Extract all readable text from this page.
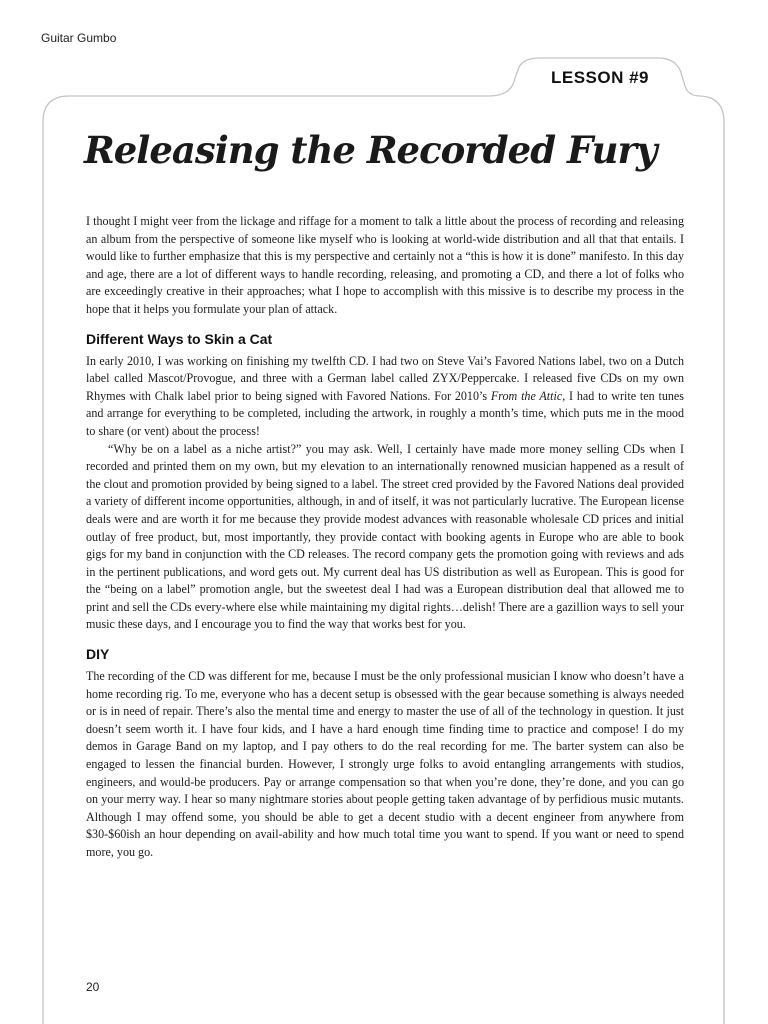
Guitar Gumbo
LESSON #9
Releasing the Recorded Fury

I thought I might veer from the lickage and riffage for a moment to talk a little about the process of recording and releasing an album from the perspective of someone like myself who is looking at world-wide distribution and all that that entails. I would like to further emphasize that this is my perspective and certainly not a “this is how it is done” manifesto. In this day and age, there are a lot of different ways to handle recording, releasing, and promoting a CD, and there a lot of folks who are exceedingly creative in their approaches; what I hope to accomplish with this missive is to describe my process in the hope that it helps you formulate your plan of attack.

Different Ways to Skin a Cat

In early 2010, I was working on finishing my twelfth CD. I had two on Steve Vai’s Favored Nations label, two on a Dutch label called Mascot/Provogue, and three with a German label called ZYX/Peppercake. I released five CDs on my own Rhymes with Chalk label prior to being signed with Favored Nations. For 2010’s From the Attic, I had to write ten tunes and arrange for everything to be completed, including the artwork, in roughly a month’s time, which puts me in the mood to share (or vent) about the process!

“Why be on a label as a niche artist?” you may ask. Well, I certainly have made more money selling CDs when I recorded and printed them on my own, but my elevation to an internationally renowned musician happened as a result of the clout and promotion provided by being signed to a label. The street cred provided by the Favored Nations deal provided a variety of different income opportunities, although, in and of itself, it was not particularly lucrative. The European license deals were and are worth it for me because they provide modest advances with reasonable wholesale CD prices and initial outlay of free product, but, most importantly, they provide contact with booking agents in Europe who are able to book gigs for my band in conjunction with the CD releases. The record company gets the promotion going with reviews and ads in the pertinent publications, and word gets out. My current deal has US distribution as well as European. This is good for the “being on a label” promotion angle, but the sweetest deal I had was a European distribution deal that allowed me to print and sell the CDs every-where else while maintaining my digital rights…delish! There are a gazillion ways to sell your music these days, and I encourage you to find the way that works best for you.

DIY

The recording of the CD was different for me, because I must be the only professional musician I know who doesn’t have a home recording rig. To me, everyone who has a decent setup is obsessed with the gear because something is always needed or is in need of repair. There’s also the mental time and energy to master the use of all of the technology in question. It just doesn’t seem worth it. I have four kids, and I have a hard enough time finding time to practice and compose! I do my demos in Garage Band on my laptop, and I pay others to do the real recording for me. The barter system can also be engaged to lessen the financial burden. However, I strongly urge folks to avoid entangling arrangements with studios, engineers, and would-be producers. Pay or arrange compensation so that when you’re done, they’re done, and you can go on your merry way. I hear so many nightmare stories about people getting taken advantage of by perfidious music mutants. Although I may offend some, you should be able to get a decent studio with a decent engineer from anywhere from $30-$60ish an hour depending on avail-ability and how much total time you want to spend. If you want or need to spend more, you go.

20
